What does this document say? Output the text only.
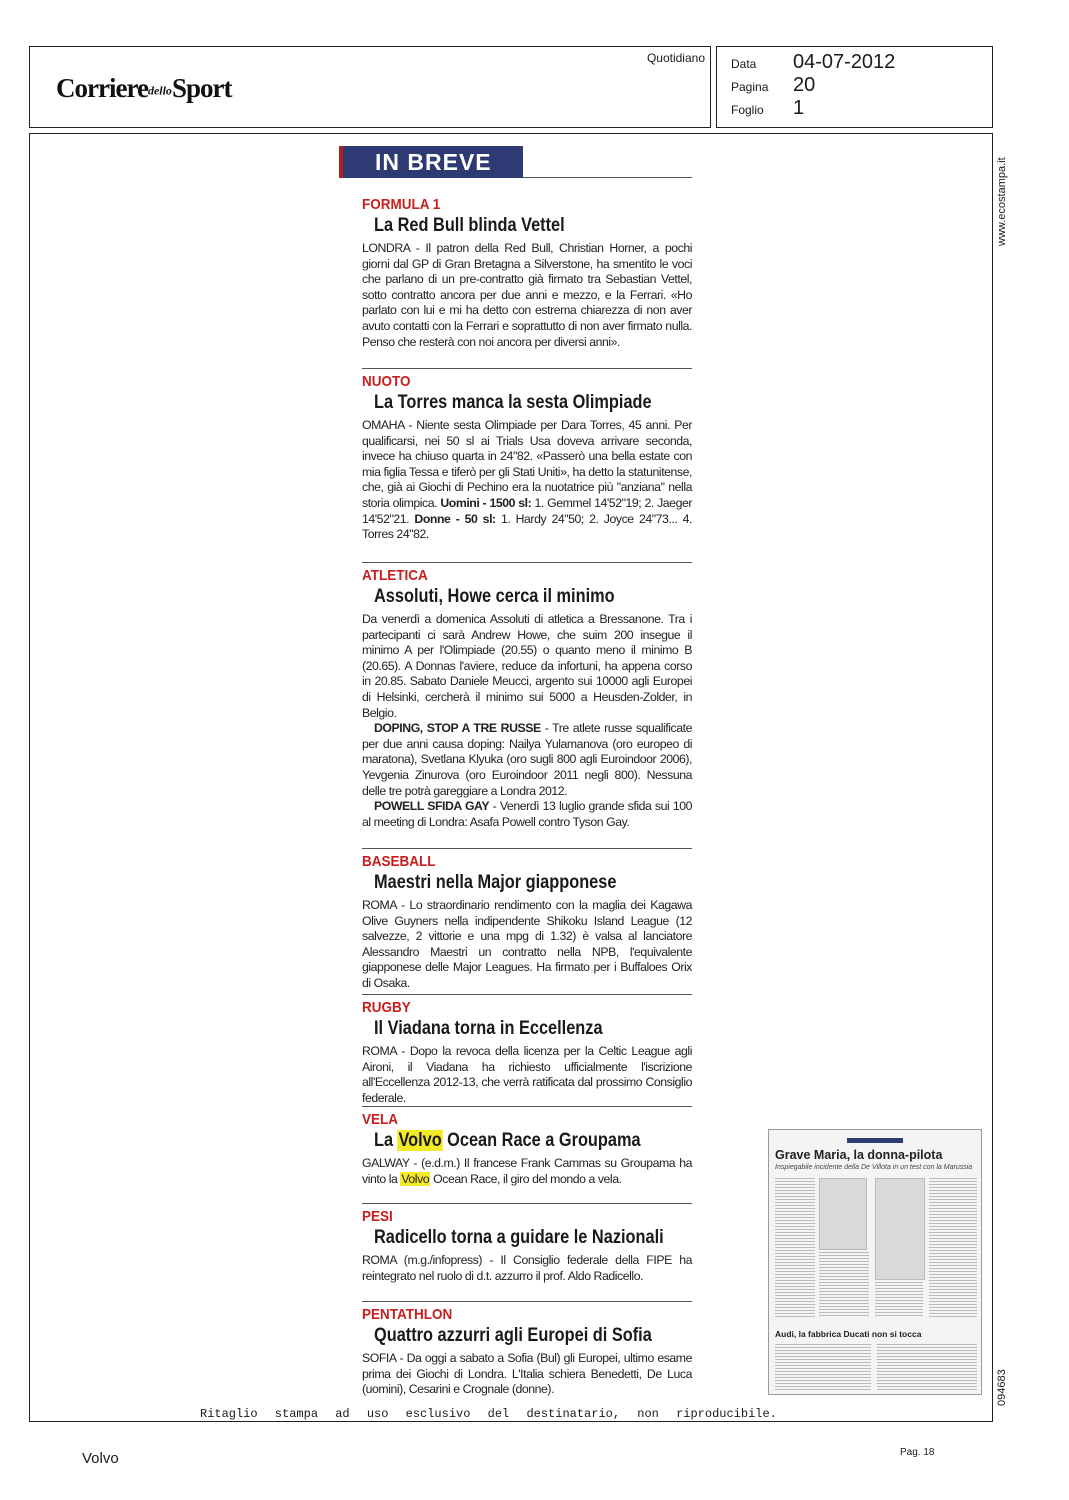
CorrieredelloSport
Quotidiano Data	04-07-2012
Pagina	20
Foglio	1
www.ecostampa.it
094683
IN BREVE
FORMULA 1
La Red Bull blinda Vettel

LONDRA - Il patron della Red Bull, Christian Horner, a pochi giorni dal GP di Gran Bretagna a Silverstone, ha smentito le voci che parlano di un pre-contratto già firmato tra Sebastian Vettel, sotto contratto ancora per due anni e mezzo, e la Ferrari. «Ho parlato con lui e mi ha detto con estrema chiarezza di non aver avuto contatti con la Ferrari e soprattutto di non aver firmato nulla. Penso che resterà con noi ancora per diversi anni».

NUOTO
La Torres manca la sesta Olimpiade

OMAHA - Niente sesta Olimpiade per Dara Torres, 45 anni. Per qualificarsi, nei 50 sl ai Trials Usa doveva arrivare seconda, invece ha chiuso quarta in 24"82. «Passerò una bella estate con mia figlia Tessa e tiferò per gli Stati Uniti», ha detto la statunitense, che, già ai Giochi di Pechino era la nuotatrice più "anziana" nella storia olimpica. Uomini - 1500 sl: 1. Gemmel 14'52"19; 2. Jaeger 14'52"21. Donne - 50 sl: 1. Hardy 24"50; 2. Joyce 24"73... 4. Torres 24"82.

ATLETICA
Assoluti, Howe cerca il minimo

Da venerdì a domenica Assoluti di atletica a Bressanone. Tra i partecipanti ci sarà Andrew Howe, che suim 200 insegue il minimo A per l'Olimpiade (20.55) o quanto meno il minimo B (20.65). A Donnas l'aviere, reduce da infortuni, ha appena corso in 20.85. Sabato Daniele Meucci, argento sui 10000 agli Europei di Helsinki, cercherà il minimo sui 5000 a Heusden-Zolder, in Belgio.

DOPING, STOP A TRE RUSSE - Tre atlete russe squalificate per due anni causa doping: Nailya Yulamanova (oro europeo di maratona), Svetlana Klyuka (oro sugli 800 agli Euroindoor 2006), Yevgenia Zinurova (oro Euroindoor 2011 negli 800). Nessuna delle tre potrà gareggiare a Londra 2012.

POWELL SFIDA GAY - Venerdì 13 luglio grande sfida sui 100 al meeting di Londra: Asafa Powell contro Tyson Gay.

BASEBALL
Maestri nella Major giapponese

ROMA - Lo straordinario rendimento con la maglia dei Kagawa Olive Guyners nella indipendente Shikoku Island League (12 salvezze, 2 vittorie e una mpg di 1.32) è valsa al lanciatore Alessandro Maestri un contratto nella NPB, l'equivalente giapponese delle Major Leagues. Ha firmato per i Buffaloes Orix di Osaka.

RUGBY
Il Viadana torna in Eccellenza

ROMA - Dopo la revoca della licenza per la Celtic League agli Aironi, il Viadana ha richiesto ufficialmente l'iscrizione all'Eccellenza 2012-13, che verrà ratificata dal prossimo Consiglio federale.

VELA
La Volvo Ocean Race a Groupama

GALWAY - (e.d.m.) Il francese Frank Cammas su Groupama ha vinto la Volvo Ocean Race, il giro del mondo a vela.

PESI
Radicello torna a guidare le Nazionali

ROMA (m.g./infopress) - Il Consiglio federale della FIPE ha reintegrato nel ruolo di d.t. azzurro il prof. Aldo Radicello.

PENTATHLON
Quattro azzurri agli Europei di Sofia

SOFIA - Da oggi a sabato a Sofia (Bul) gli Europei, ultimo esame prima dei Giochi di Londra. L'Italia schiera Benedetti, De Luca (uomini), Cesarini e Crognale (donne).

Grave Maria, la donna-pilota
Inspiegabile incidente della De Villota in un test con la Marussia
Audi, la fabbrica Ducati non si tocca
Ritaglio stampa ad uso esclusivo del destinatario, non riproducibile.
Volvo	Pag. 18
